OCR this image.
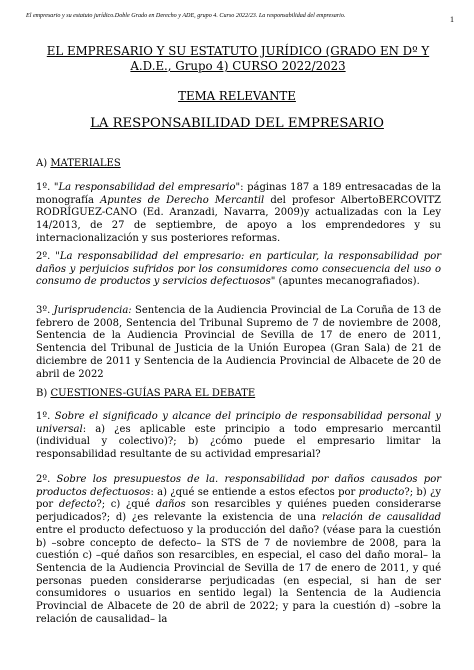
El empresario y su estatuto jurídico.Doble Grado en Derecho y ADE, grupo 4. Curso 2022/23. La responsabilidad del empresario.	1
EL EMPRESARIO Y SU ESTATUTO JURÍDICO (GRADO EN Dº Y
A.D.E., Grupo 4) CURSO 2022/2023
TEMA RELEVANTE
LA RESPONSABILIDAD DEL EMPRESARIO
A) MATERIALES
1º. "La responsabilidad del empresario": páginas 187 a 189 entresacadas de la monografía Apuntes de Derecho Mercantil del profesor AlbertoBERCOVITZ RODRÍGUEZ-CANO (Ed. Aranzadi, Navarra, 2009)y actualizadas con la Ley 14/2013, de 27 de septiembre, de apoyo a los emprendedores y su internacionalización y sus posteriores reformas.
2º. "La responsabilidad del empresario: en particular, la responsabilidad por daños y perjuicios sufridos por los consumidores como consecuencia del uso o consumo de productos y servicios defectuosos" (apuntes mecanografiados).
3º. Jurisprudencia: Sentencia de la Audiencia Provincial de La Coruña de 13 de febrero de 2008, Sentencia del Tribunal Supremo de 7 de noviembre de 2008, Sentencia de la Audiencia Provincial de Sevilla de 17 de enero de 2011, Sentencia del Tribunal de Justicia de la Unión Europea (Gran Sala) de 21 de diciembre de 2011 y Sentencia de la Audiencia Provincial de Albacete de 20 de abril de 2022
B) CUESTIONES-GUÍAS PARA EL DEBATE
1º. Sobre el significado y alcance del principio de responsabilidad personal y universal: a) ¿es aplicable este principio a todo empresario mercantil (individual y colectivo)?; b) ¿cómo puede el empresario limitar la responsabilidad resultante de su actividad empresarial?
2º. Sobre los presupuestos de la. responsabilidad por daños causados por productos defectuosos: a) ¿qué se entiende a estos efectos por producto?; b) ¿y por defecto?; c) ¿qué daños son resarcibles y quiénes pueden considerarse perjudicados?; d) ¿es relevante la existencia de una relación de causalidad entre el producto defectuoso y la producción del daño? (véase para la cuestión b) –sobre concepto de defecto– la STS de 7 de noviembre de 2008, para la cuestión c) –qué daños son resarcibles, en especial, el caso del daño moral– la Sentencia de la Audiencia Provincial de Sevilla de 17 de enero de 2011, y qué personas pueden considerarse perjudicadas (en especial, si han de ser consumidores o usuarios en sentido legal) la Sentencia de la Audiencia Provincial de Albacete de 20 de abril de 2022; y para la cuestión d) –sobre la relación de causalidad– la
